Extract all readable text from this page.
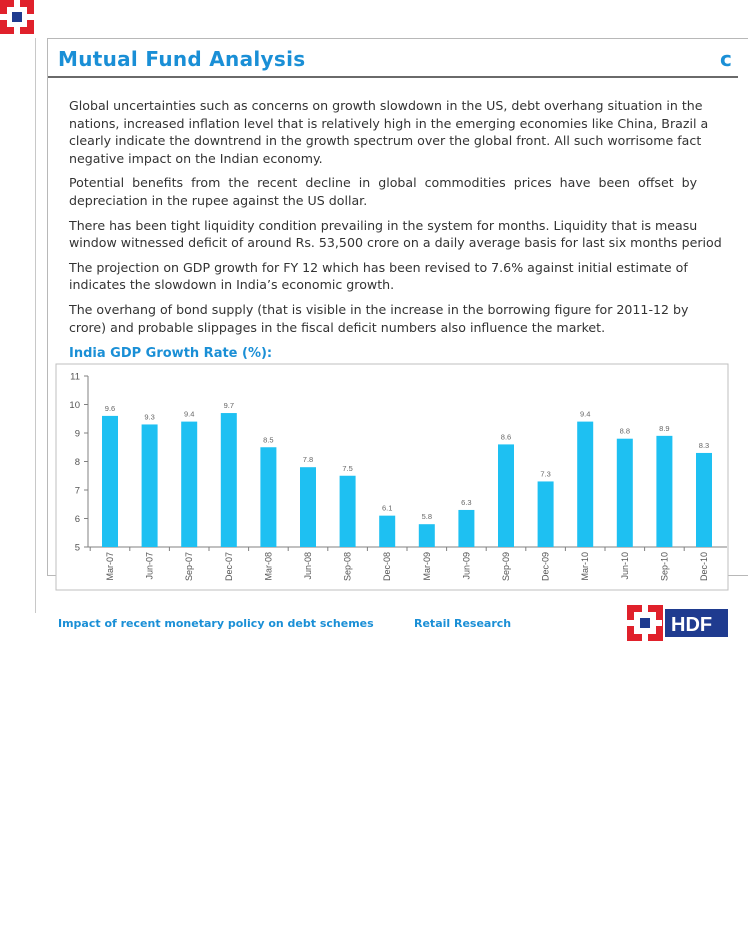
Mutual Fund Analysis	c
Global uncertainties such as concerns on growth slowdown in the US, debt overhang situation in the
nations, increased inflation level that is relatively high in the emerging economies like China, Brazil a
clearly indicate the downtrend in the growth spectrum over the global front. All such worrisome fact
negative impact on the Indian economy.
Potential  benefits  from  the  recent  decline  in  global  commodities  prices  have  been  offset  by
depreciation in the rupee against the US dollar.
There has been tight liquidity condition prevailing in the system for months. Liquidity that is measu
window witnessed deficit of around Rs. 53,500 crore on a daily average basis for last six months period
The projection on GDP growth for FY 12 which has been revised to 7.6% against initial estimate of
indicates the slowdown in India’s economic growth.
The overhang of bond supply (that is visible in the increase in the borrowing figure for 2011-12 by
crore) and probable slippages in the fiscal deficit numbers also influence the market.
India GDP Growth Rate (%):
5
6
7
8
9
10
11
9.6
Mar-07
9.3
Jun-07
9.4
Sep-07
9.7
Dec-07
8.5
Mar-08
7.8
Jun-08
7.5
Sep-08
6.1
Dec-08
5.8
Mar-09
6.3
Jun-09
8.6
Sep-09
7.3
Dec-09
9.4
Mar-10
8.8
Jun-10
8.9
Sep-10
8.3
Dec-10
Impact of recent monetary policy on debt schemes	Retail Research	HDF
